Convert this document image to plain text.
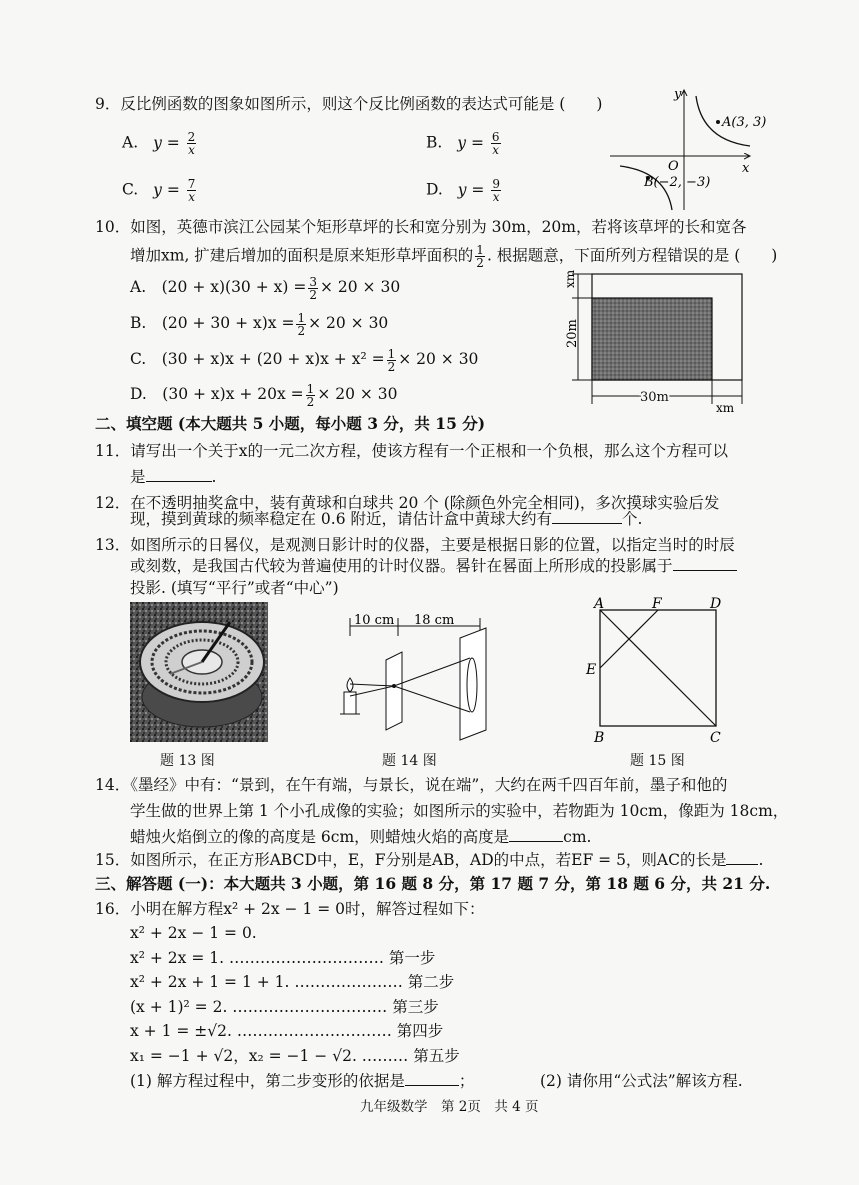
9．反比例函数的图象如图所示，则这个反比例函数的表达式可能是 (　　)
A. $y = \frac{2}{x}$	B. $y = \frac{6}{x}$
C. $y = \frac{7}{x}$	D. $y = \frac{9}{x}$
y
x
O
A(3, 3)
B(−2, −3)
10．如图，英德市滨江公园某个矩形草坪的长和宽分别为 30m，20m，若将该草坪的长和宽各
增加xm, 扩建后增加的面积是原来矩形草坪面积的 $\frac{1}{2}$ . 根据题意，下面所列方程错误的是 (　　)
A.　$(20 + x)(30 + x) = \frac{3}{2} \times 20 \times 30$
B.　$(20 + 30 + x)x = \frac{1}{2} \times 20 \times 30$
C.　$(30 + x)x + (20 + x)x + x^2 = \frac{1}{2} \times 20 \times 30$
D.　$(30 + x)x + 20x = \frac{1}{2} \times 20 \times 30$
xm
20m
30m
xm
二、填空题 (本大题共 5 小题，每小题 3 分，共 15 分)
11．请写出一个关于x的一元二次方程，使该方程有一个正根和一个负根，那么这个方程可以
是	.
12．在不透明抽奖盒中，装有黄球和白球共 20 个 (除颜色外完全相同)，多次摸球实验后发
现，摸到黄球的频率稳定在 0.6 附近，请估计盒中黄球大约有	个.
13．如图所示的日晷仪，是观测日影计时的仪器，主要是根据日影的位置，以指定当时的时辰
或刻数，是我国古代较为普遍使用的计时仪器。晷针在晷面上所形成的投影属于
投影. (填写“平行”或者“中心”)
题 13 图
10 cm 18 cm
题 14 图
A	F	D
E
B	C
题 15 图
14．《墨经》中有：“景到，在午有端，与景长，说在端”，大约在两千四百年前，墨子和他的
学生做的世界上第 1 个小孔成像的实验；如图所示的实验中，若物距为 10cm，像距为 18cm，
蜡烛火焰倒立的像的高度是 6cm，则蜡烛火焰的高度是	cm.
15．如图所示，在正方形ABCD中，E，F分别是AB，AD的中点，若EF = 5，则AC的长是 .
三、解答题 (一)：本大题共 3 小题，第 16 题 8 分，第 17 题 7 分，第 18 题 6 分，共 21 分.
16．小明在解方程x² + 2x − 1 = 0时，解答过程如下：
x² + 2x − 1 = 0.
x² + 2x = 1. ………………………… 第一步
x² + 2x + 1 = 1 + 1. ………………… 第二步
(x + 1)² = 2. ………………………… 第三步
x + 1 = ±√2. ………………………… 第四步
x₁ = −1 + √2，x₂ = −1 − √2. ……… 第五步
(1) 解方程过程中，第二步变形的依据是	；	(2) 请你用“公式法”解该方程.
九年级数学　第 2页　共 4 页
